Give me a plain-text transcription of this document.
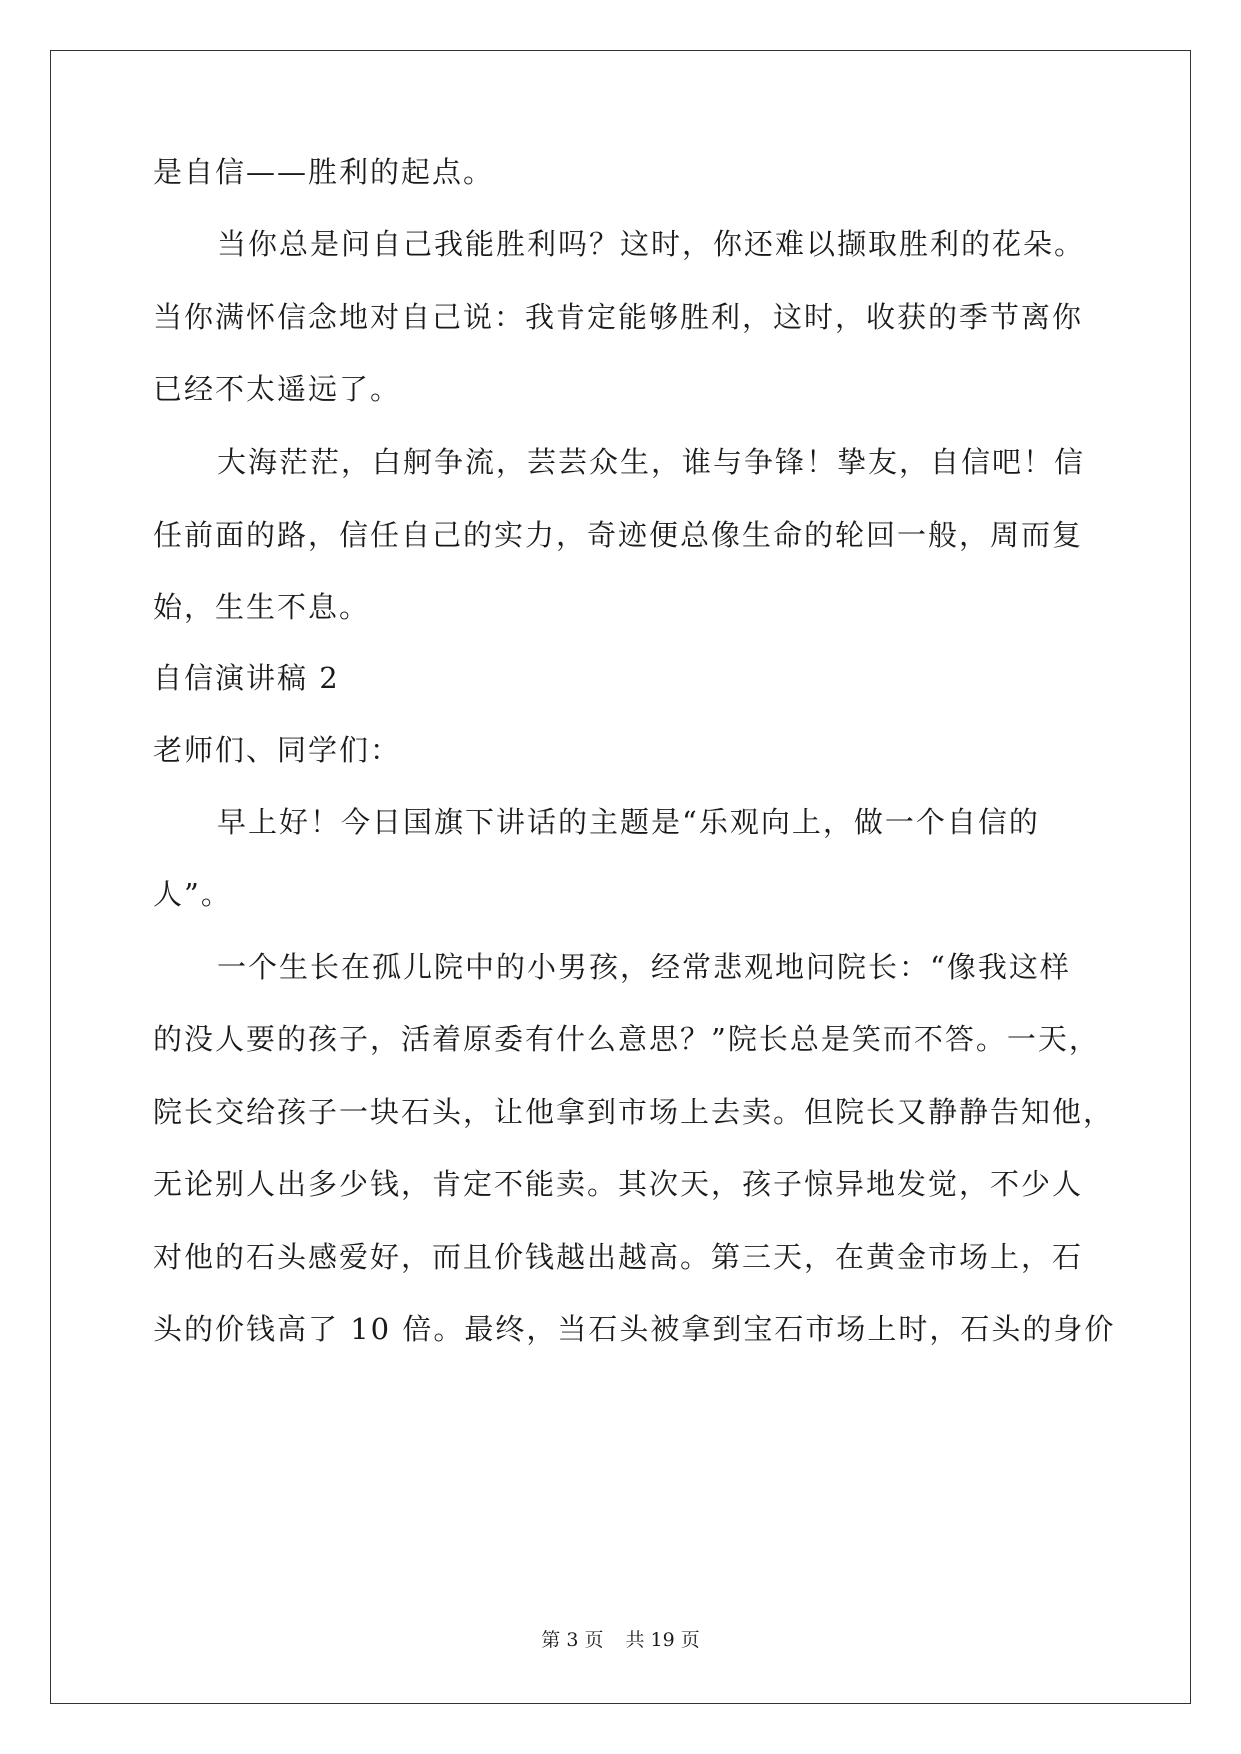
是自信——胜利的起点。
当你总是问自己我能胜利吗？这时，你还难以撷取胜利的花朵。
当你满怀信念地对自己说：我肯定能够胜利，这时，收获的季节离你
已经不太遥远了。
大海茫茫，白舸争流，芸芸众生，谁与争锋！挚友，自信吧！信
任前面的路，信任自己的实力，奇迹便总像生命的轮回一般，周而复
始，生生不息。
自信演讲稿 2
老师们、同学们：
早上好！今日国旗下讲话的主题是“乐观向上，做一个自信的
人”。
一个生长在孤儿院中的小男孩，经常悲观地问院长：“像我这样
的没人要的孩子，活着原委有什么意思？”院长总是笑而不答。一天，
院长交给孩子一块石头，让他拿到市场上去卖。但院长又静静告知他，
无论别人出多少钱，肯定不能卖。其次天，孩子惊异地发觉，不少人
对他的石头感爱好，而且价钱越出越高。第三天，在黄金市场上，石
头的价钱高了 10 倍。最终，当石头被拿到宝石市场上时，石头的身价
第 3 页 共 19 页
